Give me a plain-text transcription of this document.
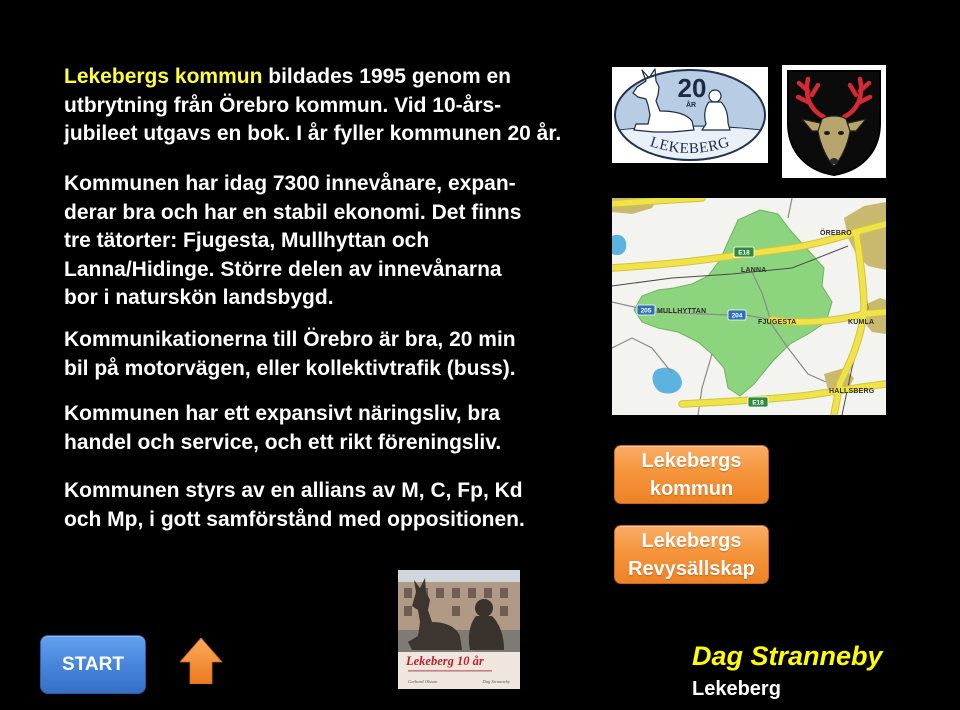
Lekebergs kommun bildades 1995 genom en
utbrytning från Örebro kommun. Vid 10-års-
jubileet utgavs en bok. I år fyller kommunen 20 år.
Kommunen har idag 7300 innevånare, expan-
derar bra och har en stabil ekonomi. Det finns
tre tätorter: Fjugesta, Mullhyttan och
Lanna/Hidinge. Större delen av innevånarna
bor i naturskön landsbygd.
Kommunikationerna till Örebro är bra, 20 min
bil på motorvägen, eller kollektivtrafik (buss).
Kommunen har ett expansivt näringsliv, bra
handel och service, och ett rikt föreningsliv.
Kommunen styrs av en allians av M, C, Fp, Kd
och Mp, i gott samförstånd med oppositionen.
20
ÅR
LEKEBERG
E18
205
204
E18
ÖREBRO
LANNA
MULLHYTTAN
FJUGESTA	KUMLA
HALLSBERG
Lekebergs
kommun
Lekebergs
Revysällskap
Lekeberg 10 år
Gerhard Olsson	Dag Stranneby
START	Dag Stranneby
Lekeberg
